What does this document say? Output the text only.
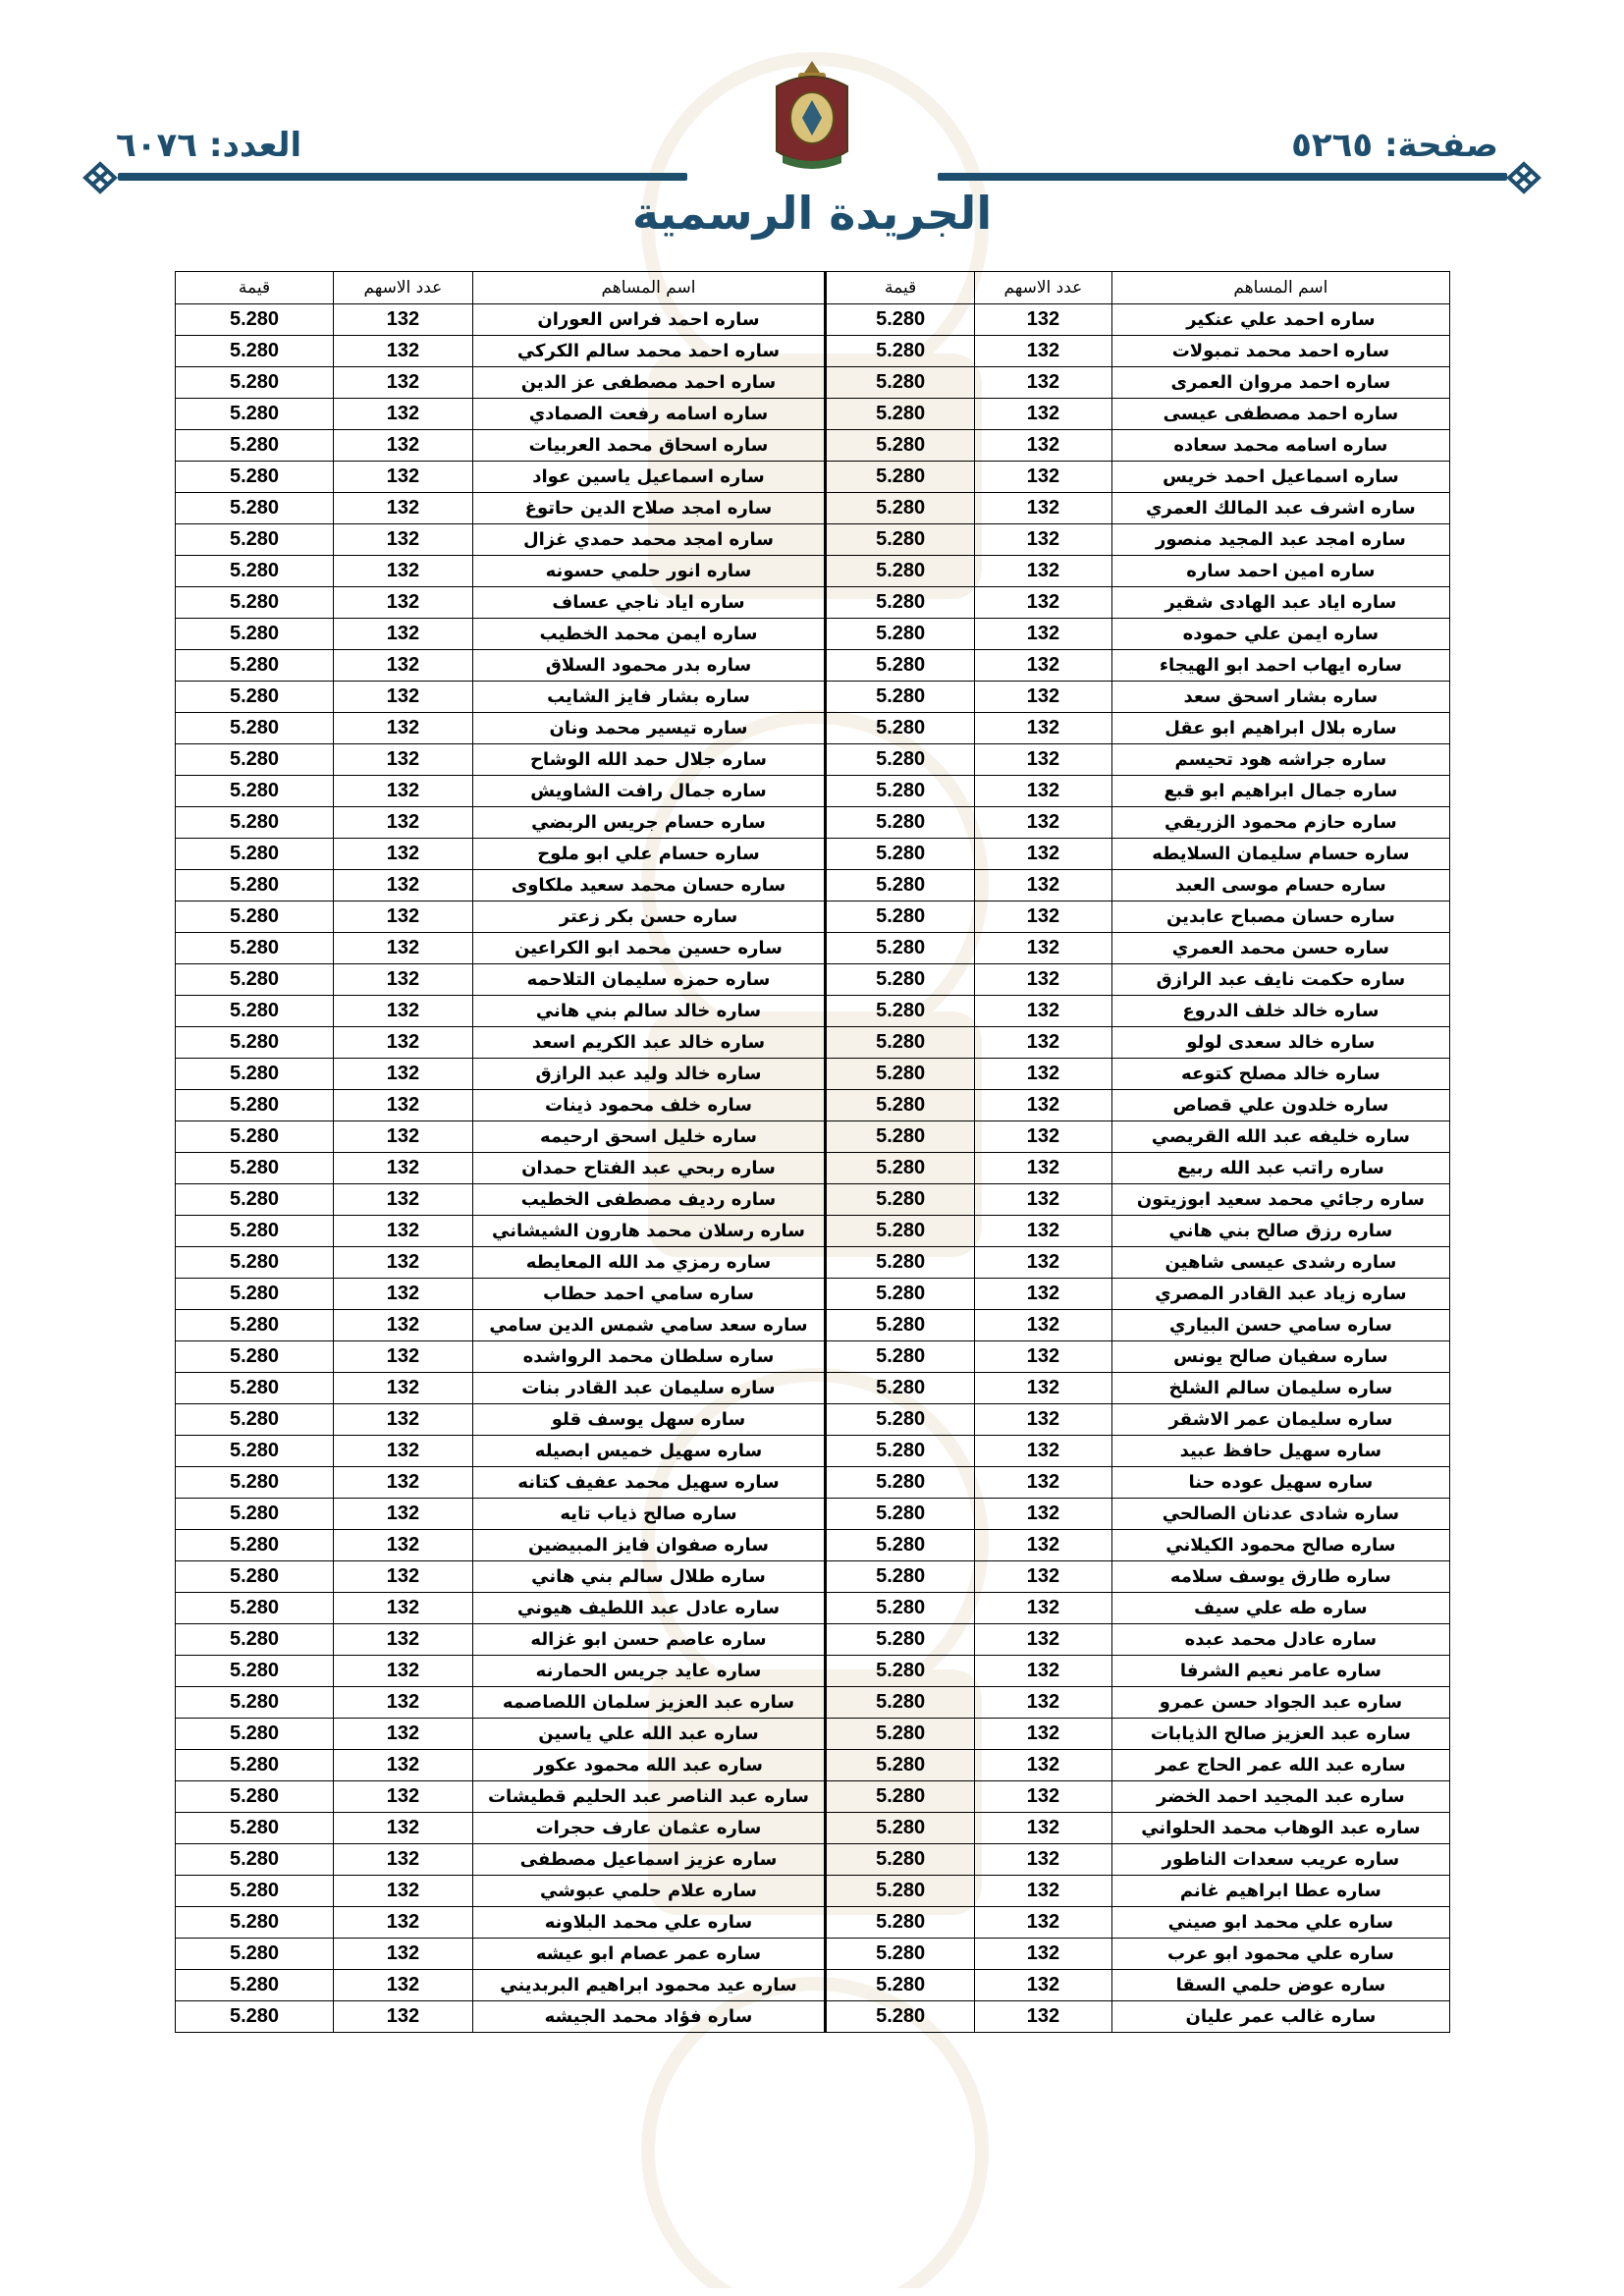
صفحة: ٥٢٦٥
العدد: ٦٠٧٦
الجريدة الرسمية
اسم المساهم	عدد الاسهم	قيمة	اسم المساهم	عدد الاسهم	قيمة
ساره احمد علي عنكير	132	5.280	ساره احمد فراس العوران	132	5.280
ساره احمد محمد تمبولات	132	5.280	ساره احمد محمد سالم الكركي	132	5.280
ساره احمد مروان العمرى	132	5.280	ساره احمد مصطفى عز الدين	132	5.280
ساره احمد مصطفى عيسى	132	5.280	ساره اسامه رفعت الصمادي	132	5.280
ساره اسامه محمد سعاده	132	5.280	ساره اسحاق محمد العربيات	132	5.280
ساره اسماعيل احمد خريس	132	5.280	ساره اسماعيل ياسين عواد	132	5.280
ساره اشرف عبد المالك العمري	132	5.280	ساره امجد صلاح الدين حاتوغ	132	5.280
ساره امجد عبد المجيد منصور	132	5.280	ساره امجد محمد حمدي غزال	132	5.280
ساره امين احمد ساره	132	5.280	ساره انور حلمي حسونه	132	5.280
ساره اياد عبد الهادى شقير	132	5.280	ساره اياد ناجي عساف	132	5.280
ساره ايمن علي حموده	132	5.280	ساره ايمن محمد الخطيب	132	5.280
ساره ايهاب احمد ابو الهيجاء	132	5.280	ساره بدر محمود السلاق	132	5.280
ساره بشار اسحق سعد	132	5.280	ساره بشار فايز الشايب	132	5.280
ساره بلال ابراهيم ابو عقل	132	5.280	ساره تيسير محمد ونان	132	5.280
ساره جراشه هود تحيسم	132	5.280	ساره جلال حمد الله الوشاح	132	5.280
ساره جمال ابراهيم ابو قبع	132	5.280	ساره جمال رافت الشاويش	132	5.280
ساره حازم محمود الزريقي	132	5.280	ساره حسام جريس الربضي	132	5.280
ساره حسام سليمان السلايطه	132	5.280	ساره حسام علي ابو ملوح	132	5.280
ساره حسام موسى العبد	132	5.280	ساره حسان محمد سعيد ملكاوى	132	5.280
ساره حسان مصباح عابدين	132	5.280	ساره حسن بكر زعتر	132	5.280
ساره حسن محمد العمري	132	5.280	ساره حسين محمد ابو الكراعين	132	5.280
ساره حكمت نايف عبد الرازق	132	5.280	ساره حمزه سليمان التلاحمه	132	5.280
ساره خالد خلف الدروع	132	5.280	ساره خالد سالم بني هاني	132	5.280
ساره خالد سعدى لولو	132	5.280	ساره خالد عبد الكريم اسعد	132	5.280
ساره خالد مصلح كتوعه	132	5.280	ساره خالد وليد عبد الرازق	132	5.280
ساره خلدون علي قصاص	132	5.280	ساره خلف محمود ذينات	132	5.280
ساره خليفه عبد الله القريصي	132	5.280	ساره خليل اسحق ارحيمه	132	5.280
ساره راتب عبد الله ربيع	132	5.280	ساره ربحي عبد الفتاح حمدان	132	5.280
ساره رجائي محمد سعيد ابوزيتون	132	5.280	ساره رديف مصطفى الخطيب	132	5.280
ساره رزق صالح بني هاني	132	5.280	ساره رسلان محمد هارون الشيشاني	132	5.280
ساره رشدى عيسى شاهين	132	5.280	ساره رمزي مد الله المعايطه	132	5.280
ساره زياد عبد القادر المصري	132	5.280	ساره سامي احمد حطاب	132	5.280
ساره سامي حسن البياري	132	5.280	ساره سعد سامي شمس الدين سامي	132	5.280
ساره سفيان صالح يونس	132	5.280	ساره سلطان محمد الرواشده	132	5.280
ساره سليمان سالم الشلخ	132	5.280	ساره سليمان عبد القادر بنات	132	5.280
ساره سليمان عمر الاشقر	132	5.280	ساره سهل يوسف قلو	132	5.280
ساره سهيل حافظ عبيد	132	5.280	ساره سهيل خميس ابصيله	132	5.280
ساره سهيل عوده حنا	132	5.280	ساره سهيل محمد عفيف كتانه	132	5.280
ساره شادى عدنان الصالحي	132	5.280	ساره صالح ذياب تايه	132	5.280
ساره صالح محمود الكيلاني	132	5.280	ساره صفوان فايز المبيضين	132	5.280
ساره طارق يوسف سلامه	132	5.280	ساره طلال سالم بني هاني	132	5.280
ساره طه علي سيف	132	5.280	ساره عادل عبد اللطيف هيوني	132	5.280
ساره عادل محمد عبده	132	5.280	ساره عاصم حسن ابو غزاله	132	5.280
ساره عامر نعيم الشرفا	132	5.280	ساره عايد جريس الحمارنه	132	5.280
ساره عبد الجواد حسن عمرو	132	5.280	ساره عبد العزيز سلمان اللصاصمه	132	5.280
ساره عبد العزيز صالح الذيابات	132	5.280	ساره عبد الله علي ياسين	132	5.280
ساره عبد الله عمر الحاج عمر	132	5.280	ساره عبد الله محمود عكور	132	5.280
ساره عبد المجيد احمد الخضر	132	5.280	ساره عبد الناصر عبد الحليم قطيشات	132	5.280
ساره عبد الوهاب محمد الحلواني	132	5.280	ساره عثمان عارف حجرات	132	5.280
ساره عريب سعدات الناطور	132	5.280	ساره عزيز اسماعيل مصطفى	132	5.280
ساره عطا ابراهيم غانم	132	5.280	ساره علام حلمي عبوشي	132	5.280
ساره علي محمد ابو صيني	132	5.280	ساره علي محمد البلاونه	132	5.280
ساره علي محمود ابو عرب	132	5.280	ساره عمر عصام ابو عيشه	132	5.280
ساره عوض حلمي السقا	132	5.280	ساره عيد محمود ابراهيم البربديني	132	5.280
ساره غالب عمر عليان	132	5.280	ساره فؤاد محمد الجيشه	132	5.280
